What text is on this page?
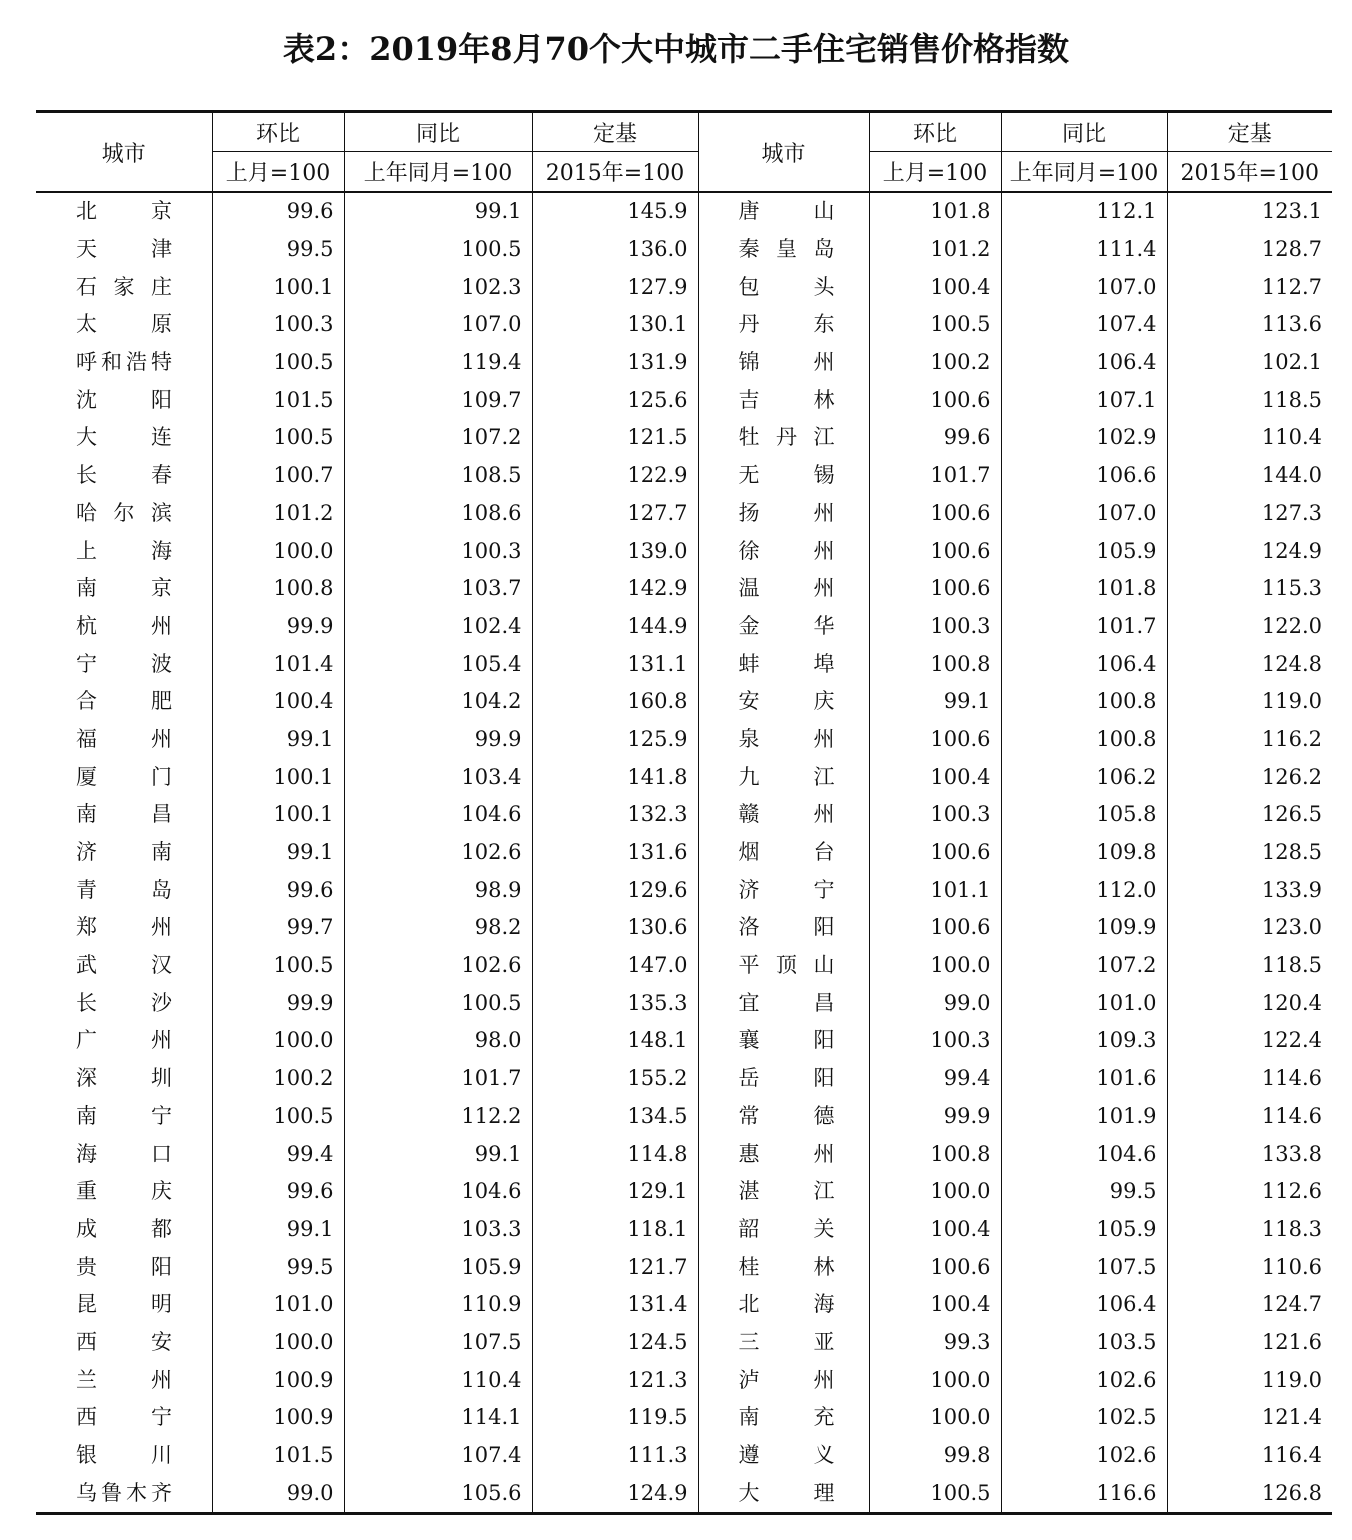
表2：2019年8月70个大中城市二手住宅销售价格指数
城市	环比	同比	定基	城市	环比	同比	定基
	上月=100	上年同月=100	2015年=100		上月=100	上年同月=100	2015年=100
北京	99.6	99.1	145.9	唐山	101.8	112.1	123.1
天津	99.5	100.5	136.0	秦皇岛	101.2	111.4	128.7
石家庄	100.1	102.3	127.9	包头	100.4	107.0	112.7
太原	100.3	107.0	130.1	丹东	100.5	107.4	113.6
呼和浩特	100.5	119.4	131.9	锦州	100.2	106.4	102.1
沈阳	101.5	109.7	125.6	吉林	100.6	107.1	118.5
大连	100.5	107.2	121.5	牡丹江	99.6	102.9	110.4
长春	100.7	108.5	122.9	无锡	101.7	106.6	144.0
哈尔滨	101.2	108.6	127.7	扬州	100.6	107.0	127.3
上海	100.0	100.3	139.0	徐州	100.6	105.9	124.9
南京	100.8	103.7	142.9	温州	100.6	101.8	115.3
杭州	99.9	102.4	144.9	金华	100.3	101.7	122.0
宁波	101.4	105.4	131.1	蚌埠	100.8	106.4	124.8
合肥	100.4	104.2	160.8	安庆	99.1	100.8	119.0
福州	99.1	99.9	125.9	泉州	100.6	100.8	116.2
厦门	100.1	103.4	141.8	九江	100.4	106.2	126.2
南昌	100.1	104.6	132.3	赣州	100.3	105.8	126.5
济南	99.1	102.6	131.6	烟台	100.6	109.8	128.5
青岛	99.6	98.9	129.6	济宁	101.1	112.0	133.9
郑州	99.7	98.2	130.6	洛阳	100.6	109.9	123.0
武汉	100.5	102.6	147.0	平顶山	100.0	107.2	118.5
长沙	99.9	100.5	135.3	宜昌	99.0	101.0	120.4
广州	100.0	98.0	148.1	襄阳	100.3	109.3	122.4
深圳	100.2	101.7	155.2	岳阳	99.4	101.6	114.6
南宁	100.5	112.2	134.5	常德	99.9	101.9	114.6
海口	99.4	99.1	114.8	惠州	100.8	104.6	133.8
重庆	99.6	104.6	129.1	湛江	100.0	99.5	112.6
成都	99.1	103.3	118.1	韶关	100.4	105.9	118.3
贵阳	99.5	105.9	121.7	桂林	100.6	107.5	110.6
昆明	101.0	110.9	131.4	北海	100.4	106.4	124.7
西安	100.0	107.5	124.5	三亚	99.3	103.5	121.6
兰州	100.9	110.4	121.3	泸州	100.0	102.6	119.0
西宁	100.9	114.1	119.5	南充	100.0	102.5	121.4
银川	101.5	107.4	111.3	遵义	99.8	102.6	116.4
乌鲁木齐	99.0	105.6	124.9	大理	100.5	116.6	126.8
